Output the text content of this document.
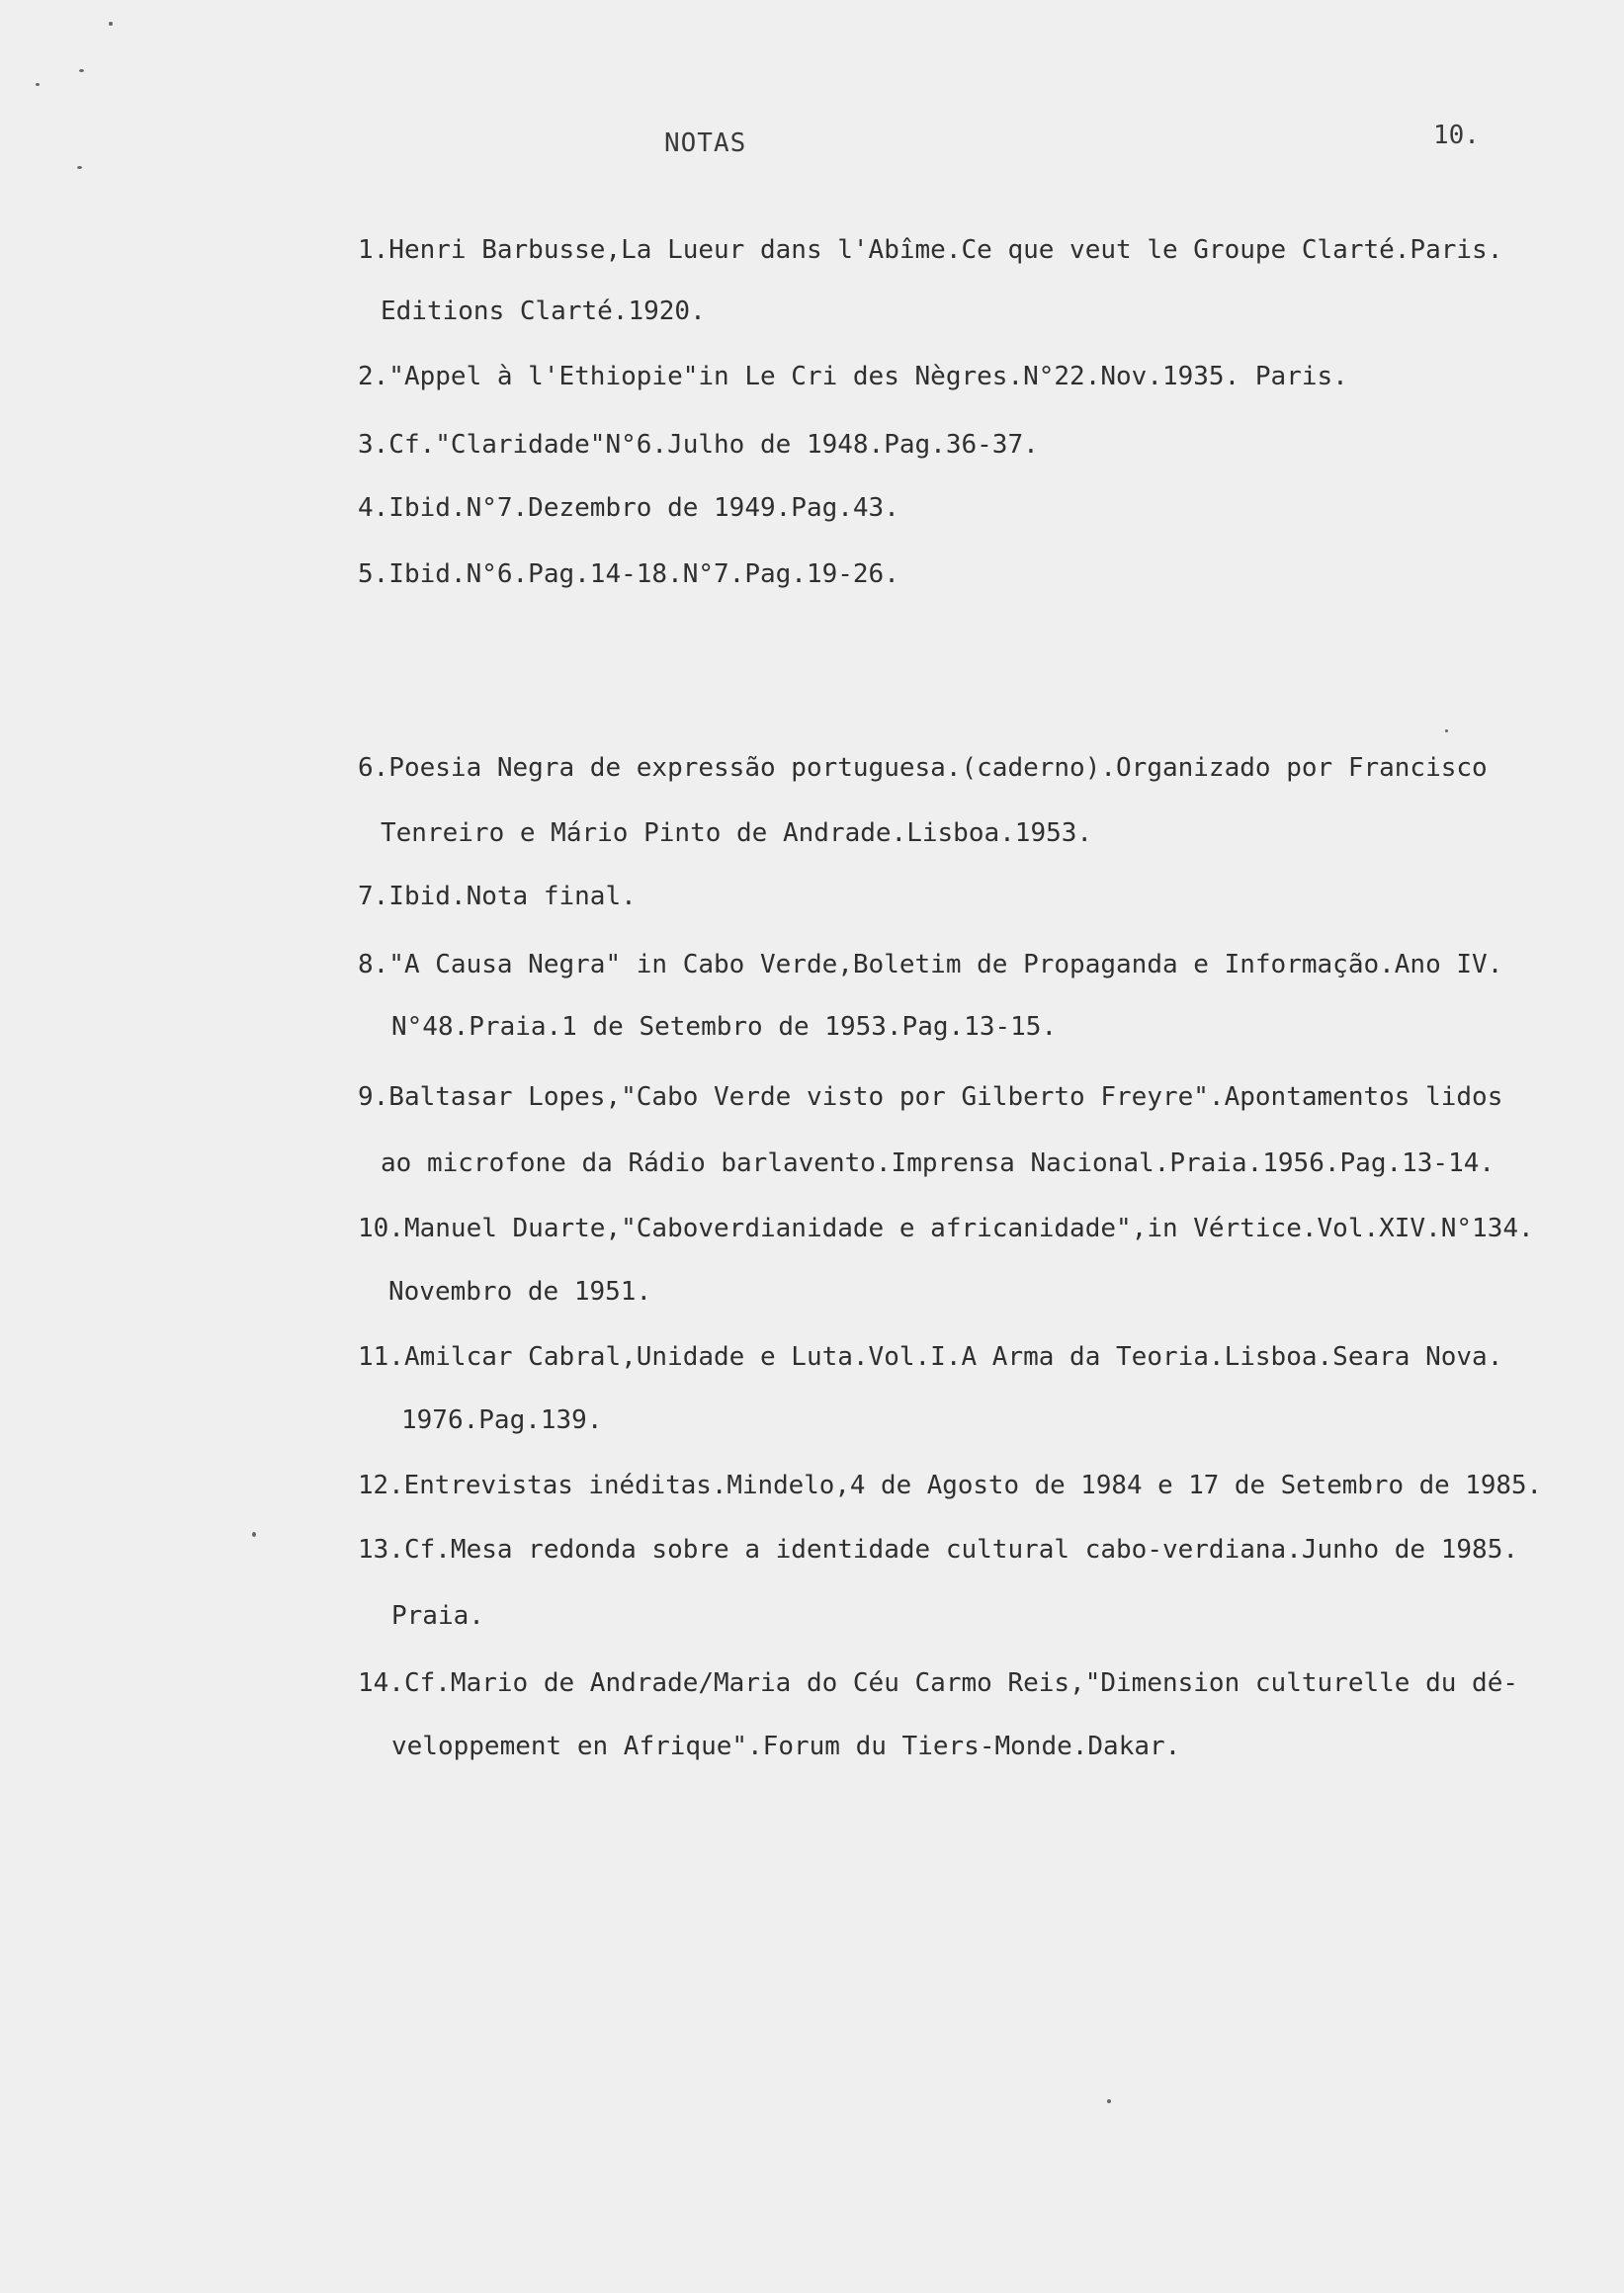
NOTAS	10.
1.Henri Barbusse,La Lueur dans l'Abîme.Ce que veut le Groupe Clarté.Paris.
Editions Clarté.1920.
2."Appel à l'Ethiopie"in Le Cri des Nègres.N°22.Nov.1935. Paris.
3.Cf."Claridade"N°6.Julho de 1948.Pag.36-37.
4.Ibid.N°7.Dezembro de 1949.Pag.43.
5.Ibid.N°6.Pag.14-18.N°7.Pag.19-26.
6.Poesia Negra de expressão portuguesa.(caderno).Organizado por Francisco
Tenreiro e Mário Pinto de Andrade.Lisboa.1953.
7.Ibid.Nota final.
8."A Causa Negra" in Cabo Verde,Boletim de Propaganda e Informação.Ano IV.
N°48.Praia.1 de Setembro de 1953.Pag.13-15.
9.Baltasar Lopes,"Cabo Verde visto por Gilberto Freyre".Apontamentos lidos
ao microfone da Rádio barlavento.Imprensa Nacional.Praia.1956.Pag.13-14.
10.Manuel Duarte,"Caboverdianidade e africanidade",in Vértice.Vol.XIV.N°134.
Novembro de 1951.
11.Amilcar Cabral,Unidade e Luta.Vol.I.A Arma da Teoria.Lisboa.Seara Nova.
1976.Pag.139.
12.Entrevistas inéditas.Mindelo,4 de Agosto de 1984 e 17 de Setembro de 1985.
13.Cf.Mesa redonda sobre a identidade cultural cabo-verdiana.Junho de 1985.
Praia.
14.Cf.Mario de Andrade/Maria do Céu Carmo Reis,"Dimension culturelle du dé-
veloppement en Afrique".Forum du Tiers-Monde.Dakar.
